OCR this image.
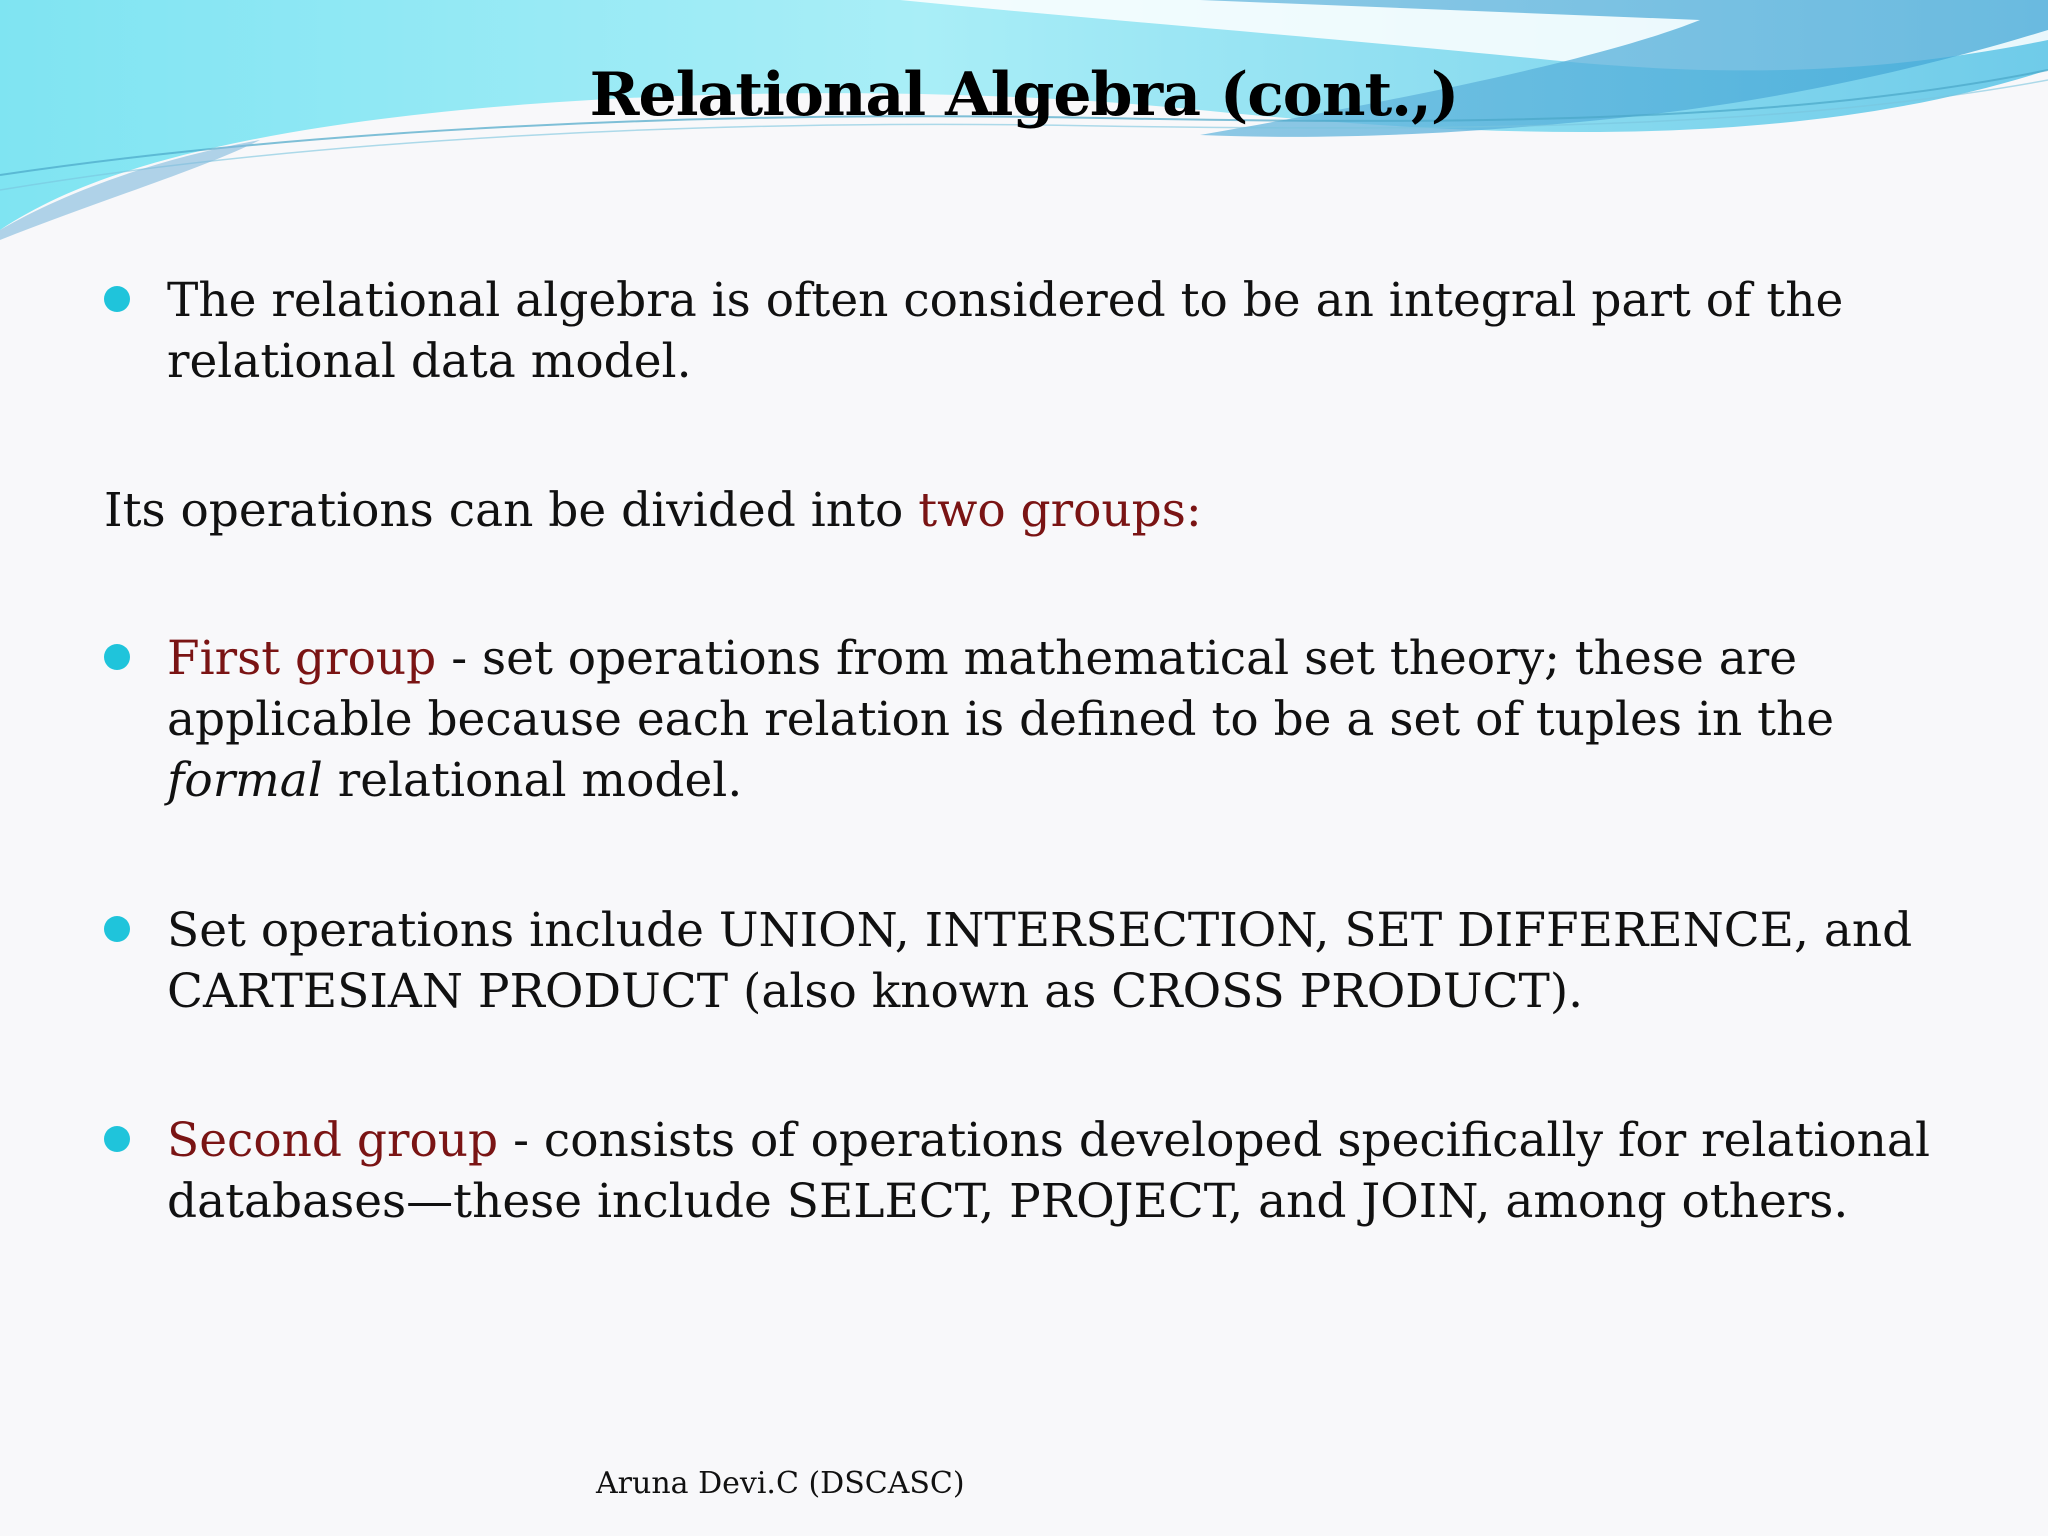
Relational Algebra (cont.,)
The relational algebra is often considered to be an integral part of the relational data model.
Its operations can be divided into two groups:
First group - set operations from mathematical set theory; these are applicable because each relation is defined to be a set of tuples in the formal relational model.
Set operations include UNION, INTERSECTION, SET DIFFERENCE, and CARTESIAN PRODUCT (also known as CROSS PRODUCT).
Second group - consists of operations developed specifically for relational databases—these include SELECT, PROJECT, and JOIN, among others.
Aruna Devi.C (DSCASC)
